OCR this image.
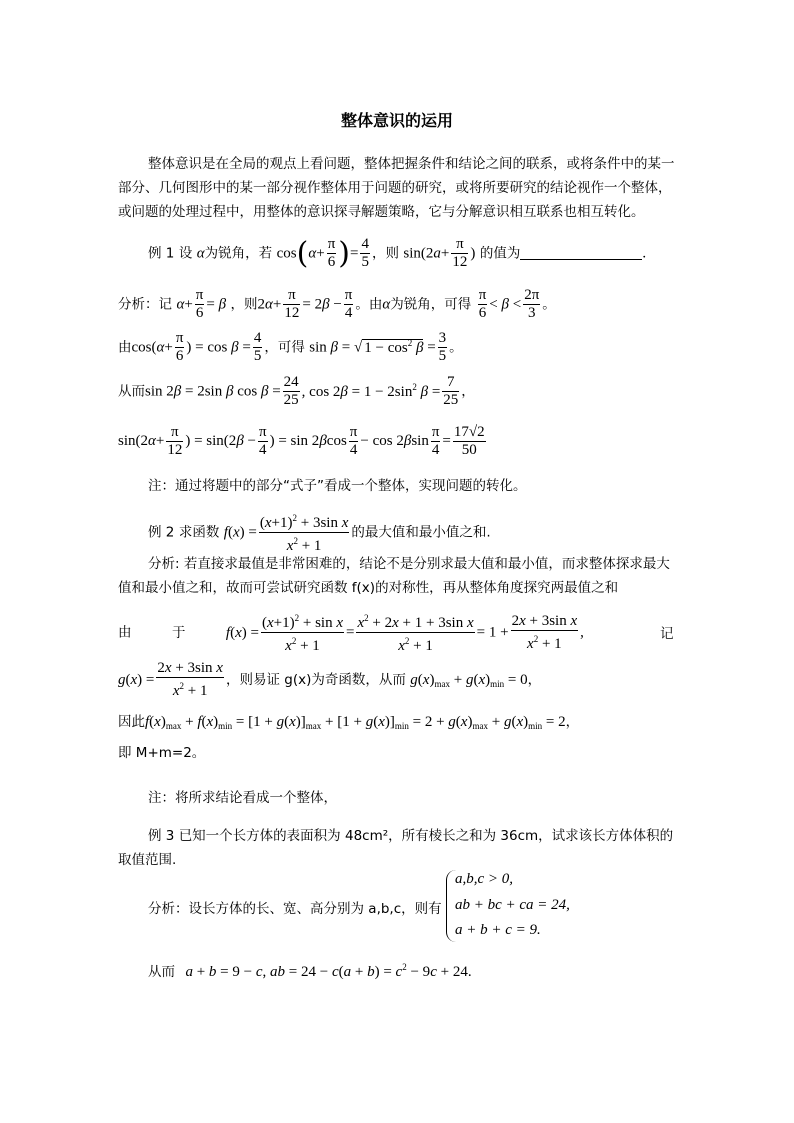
整体意识的运用
整体意识是在全局的观点上看问题，整体把握条件和结论之间的联系，或将条件中的某一部分、几何图形中的某一部分视作整体用于问题的研究，或将所要研究的结论视作一个整体，或问题的处理过程中，用整体的意识探寻解题策略，它与分解意识相互联系也相互转化。
例 1 设 α为锐角，若 $\cos(\alpha+ \frac{\pi}{6}$ )= $\frac{4}{5}$ ，则 $\sin(2a+ \frac{\pi}{12}$ ) 的值为	.
分析：记 $\alpha+ \frac{\pi}{6} = \beta$ ，则$2\alpha+ \frac{\pi}{12} = 2\beta - \frac{\pi}{4}$ 。由α为锐角，可得 $\frac{\pi}{6} < \beta < \frac{2\pi}{3}$ 。
由$\cos(\alpha+ \frac{\pi}{6}$ ) = $\cos \beta = \frac{4}{5}$ ，可得 sin β = √ $1 - \cos^2 \beta = \frac{3}{5}$ 。
从而sin 2β = 2sin β $\cos \beta = \frac{24}{25}$ , $\cos 2\beta = 1 - 2\sin^2$ $\beta = \frac{7}{25}$ ，
$\sin(2\alpha+ \frac{\pi}{12}$ ) = $\sin(2\beta - \frac{\pi}{4}$ ) = $\sin 2\beta\cos \frac{\pi}{4} - \cos 2\beta\sin \frac{\pi}{4} = \frac{17√2}{50}$
注：通过将题中的部分“式子”看成一个整体，实现问题的转化。
例 2 求函数 $f(x) = \frac{(x+1)^2 + 3\sin x}{x^2 + 1}$ 的最大值和最小值之和.
分析: 若直接求最值是非常困难的，结论不是分别求最大值和最小值，而求整体探求最大值和最小值之和，故而可尝试研究函数 f(x)的对称性，再从整体角度探究两最值之和
由	于	$f(x) = \frac{(x+1)^2 + \sin x}{x^2 + 1} = \frac{x^2 + 2x + 1 + 3\sin x}{x^2 + 1} = 1 + \frac{\text{2x + 3sin x}}{x^2 + 1}$ ,	记
$g(x) = \frac{\text{2x + 3sin x}}{x^2 + 1}$ ，则易证 g(x)为奇函数，从而 $g(x)_{max} + g(x)_{min} = 0$，
因此$f(x)_{max} + f(x)_{min} = [1 + g(x)]_{max} + [1 + g(x)]_{min} = 2 + g(x)_{max} + g(x)_{min} = 2$，
即 M+m=2。
注：将所求结论看成一个整体，
例 3 已知一个长方体的表面积为 48cm²，所有棱长之和为 36cm，试求该长方体体积的取值范围.
分析：设长方体的长、宽、高分别为 a,b,c，则有
a,b,c > 0,
ab + bc + ca = 24,
a + b + c = 9.
从而 a + b = 9 − c, ab = $24 - c(a + b) = c^2 - 9c + 24$.
